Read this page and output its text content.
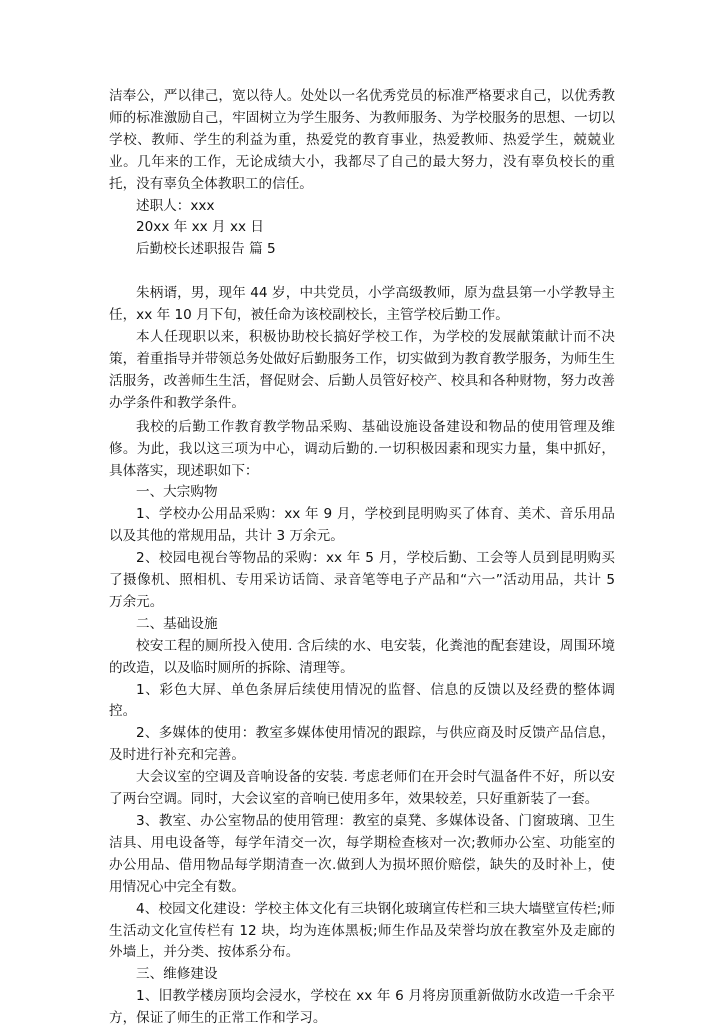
洁奉公，严以律己，宽以待人。处处以一名优秀党员的标准严格要求自己，以优秀教师的标准激励自己，牢固树立为学生服务、为教师服务、为学校服务的思想、一切以学校、教师、学生的利益为重，热爱党的教育事业，热爱教师、热爱学生，兢兢业业。几年来的工作，无论成绩大小，我都尽了自己的最大努力，没有辜负校长的重托，没有辜负全体教职工的信任。

述职人：xxx

20xx 年 xx 月 xx 日

后勤校长述职报告 篇 5

朱柄谞，男，现年 44 岁，中共党员，小学高级教师，原为盘县第一小学教导主任，xx 年 10 月下旬，被任命为该校副校长，主管学校后勤工作。

本人任现职以来，积极协助校长搞好学校工作，为学校的发展献策献计而不决策，着重指导并带领总务处做好后勤服务工作，切实做到为教育教学服务，为师生生活服务，改善师生生活，督促财会、后勤人员管好校产、校具和各种财物，努力改善办学条件和教学条件。

我校的后勤工作教育教学物品采购、基础设施设备建设和物品的使用管理及维修。为此，我以这三项为中心，调动后勤的.一切积极因素和现实力量，集中抓好，具体落实，现述职如下：

一、大宗购物

1、学校办公用品采购：xx 年 9 月，学校到昆明购买了体育、美术、音乐用品以及其他的常规用品，共计 3 万余元。

2、校园电视台等物品的采购：xx 年 5 月，学校后勤、工会等人员到昆明购买了摄像机、照相机、专用采访话筒、录音笔等电子产品和“六一”活动用品，共计 5 万余元。

二、基础设施

校安工程的厕所投入使用. 含后续的水、电安装，化粪池的配套建设，周围环境的改造，以及临时厕所的拆除、清理等。

1、彩色大屏、单色条屏后续使用情况的监督、信息的反馈以及经费的整体调控。

2、多媒体的使用：教室多媒体使用情况的跟踪，与供应商及时反馈产品信息，及时进行补充和完善。

大会议室的空调及音响设备的安装. 考虑老师们在开会时气温备件不好，所以安了两台空调。同时，大会议室的音响已使用多年，效果较差，只好重新装了一套。

3、教室、办公室物品的使用管理：教室的桌凳、多媒体设备、门窗玻璃、卫生洁具、用电设备等，每学年清交一次，每学期检查核对一次;教师办公室、功能室的办公用品、借用物品每学期清查一次.做到人为损坏照价赔偿，缺失的及时补上，使用情况心中完全有数。

4、校园文化建设：学校主体文化有三块钢化玻璃宣传栏和三块大墙壁宣传栏;师生活动文化宣传栏有 12 块，均为连体黑板;师生作品及荣誉均放在教室外及走廊的外墙上，并分类、按体系分布。

三、维修建设

1、旧教学楼房顶均会浸水，学校在 xx 年 6 月将房顶重新做防水改造一千余平方，保证了师生的正常工作和学习。
